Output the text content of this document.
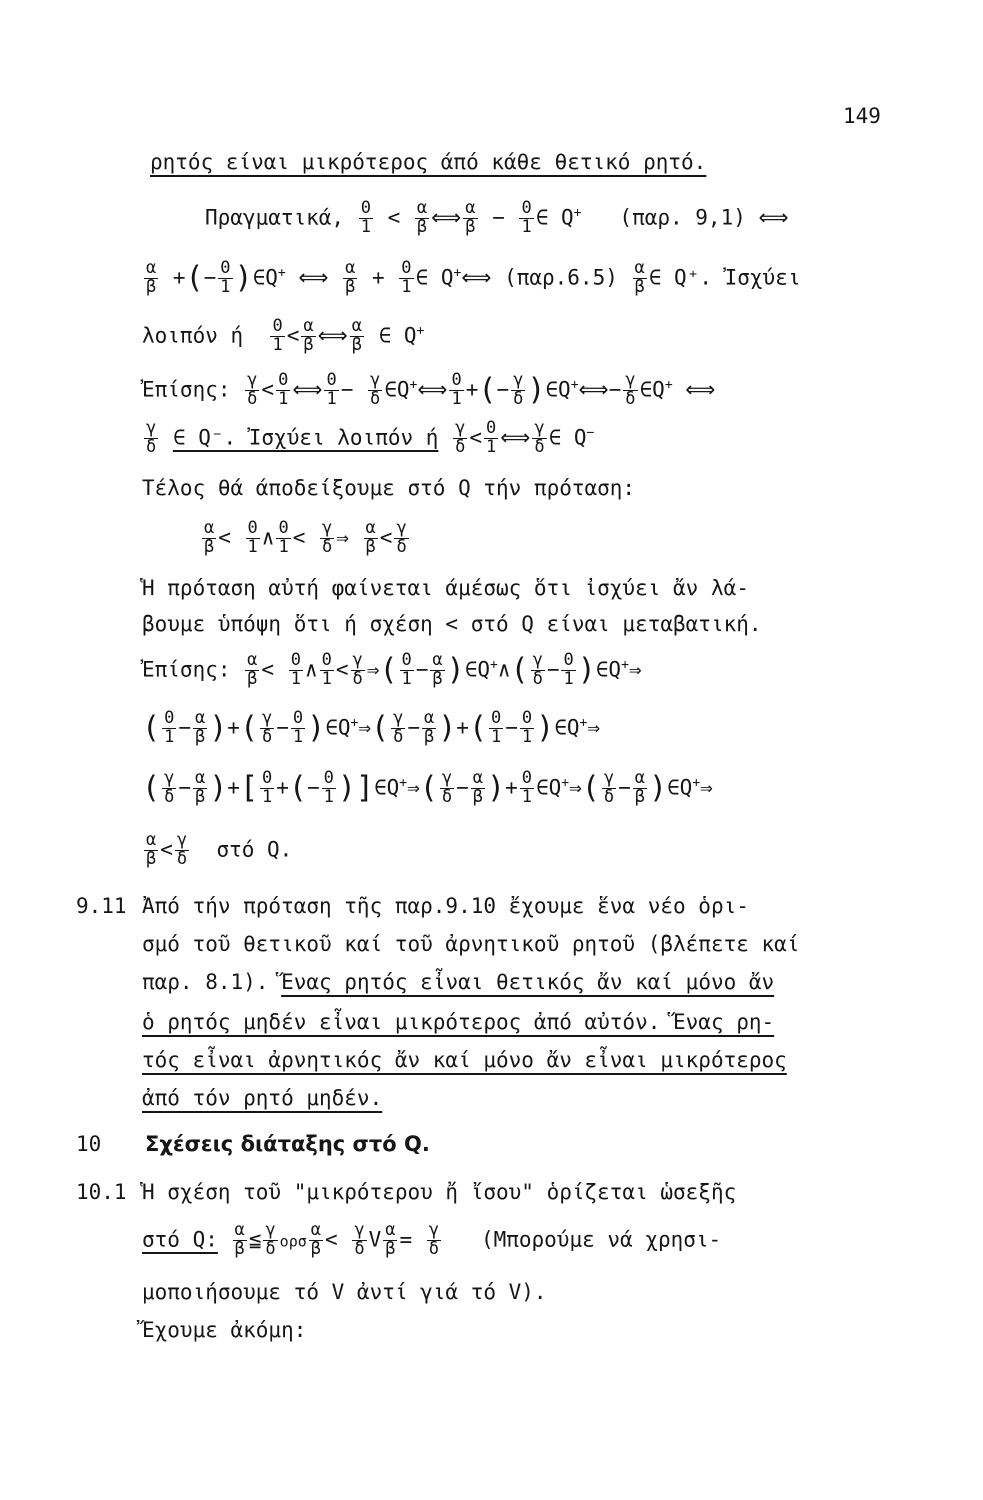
149
ρητός είναι μικρότερος άπό κάθε θετικό ρητό.
Πραγματικά, $\frac{0}{1} < \frac{\alpha}{\beta}$ ⟺ $\frac{\alpha}{\beta} - \frac{0}{1}$ ∈ Q+ (παρ. 9,1) ⟺
$\frac{\alpha}{\beta}$ +(− $\frac{0}{1}$ )∈Q+ ⟺ $\frac{\alpha}{\beta} + \frac{0}{1}$ ∈ Q+⟺ $(\pi\alpha\rho.6.5) \frac{\alpha}{\beta}$ ∈ Q⁺. Ἰσχύει
λοιπόν ή $\frac{0}{1} < \frac{\alpha}{\beta}$ ⟺ $\frac{\alpha}{\beta}$ ∈ Q+
Ἐπίσης: $\frac{\gamma}{\delta} < \frac{0}{1}$ ⟺ $\frac{0}{1} - \frac{\gamma}{\delta}$ ∈Q+⟺ $\frac{0}{1}$ +(− $\frac{\gamma}{\delta}$ )∈Q+⟺− $\frac{\gamma}{\delta}$ ∈Q+ ⟺
$\frac{\gamma}{\delta}$ ∈ Q⁻. Ἰσχύει λοιπόν ή $\frac{\gamma}{\delta} < \frac{0}{1}$ ⟺ $\frac{\gamma}{\delta}$ ∈ Q−
Τέλος θά άποδείξουμε στό Q τήν πρόταση:
$\frac{\alpha}{\beta} < \frac{0}{1}$ ∧ $\frac{0}{1} < \frac{\gamma}{\delta}$ ⇒ $\frac{\alpha}{\beta} < \frac{\gamma}{\delta}$
Ἡ πρόταση αὐτή φαίνεται άμέσως ὅτι ἰσχύει ἄν λά-
βουμε ὑπόψη ὅτι ή σχέση < στό Q είναι μεταβατική.
Ἐπίσης: $\frac{\alpha}{\beta} < \frac{0}{1}$ ∧ $\frac{0}{1} < \frac{\gamma}{\delta}$ ⇒( $\frac{0}{1} - \frac{\alpha}{\beta}$ )∈Q+∧( $\frac{\gamma}{\delta} - \frac{0}{1}$ )∈Q+⇒
( $\frac{0}{1} - \frac{\alpha}{\beta}$ )+( $\frac{\gamma}{\delta} - \frac{0}{1}$ )∈Q+⇒( $\frac{\gamma}{\delta} - \frac{\alpha}{\beta}$ )+( $\frac{0}{1} - \frac{0}{1}$ )∈Q+⇒
( $\frac{\gamma}{\delta} - \frac{\alpha}{\beta}$ )+[ $\frac{0}{1}$ +(− $\frac{0}{1}$ )]∈Q+⇒( $\frac{\gamma}{\delta} - \frac{\alpha}{\beta}$ )+ $\frac{0}{1}$ ∈Q+⇒( $\frac{\gamma}{\delta} - \frac{\alpha}{\beta}$ )∈Q+⇒
$\frac{\alpha}{\beta} < \frac{\gamma}{\delta}$ στό Q.
9.11 Ἀπό τήν πρόταση τῆς παρ.9.10 ἔχουμε ἕνα νέο ὁρι-
σμό τοῦ θετικοῦ καί τοῦ ἀρνητικοῦ ρητοῦ (βλέπετε καί
παρ. 8.1). Ἕνας ρητός εἶναι θετικός ἄν καί μόνο ἄν
ὁ ρητός μηδέν εἶναι μικρότερος ἀπό αὐτόν. Ἕνας ρη-
τός εἶναι ἀρνητικός ἄν καί μόνο ἄν εἶναι μικρότερος
ἀπό τόν ρητό μηδέν.
10 Σχέσεις διάταξης στό Q.
10.1 Ἡ σχέση τοῦ "μικρότερου ἤ ἴσου" ὁρίζεται ὡσεξῆς
στό Q: $\frac{\alpha}{\beta}$ ≦ $\frac{\gamma}{\delta}$ ορσ $\frac{\alpha}{\beta} < \frac{\gamma}{\delta}$ V $\frac{\alpha}{\beta} = \frac{\gamma}{\delta} (M\pi o\rho oύ\mu\varepsilon$ νά χρησι-
μοποιήσουμε τό V ἀντί γιά τό V).
Ἔχουμε ἀκόμη:
